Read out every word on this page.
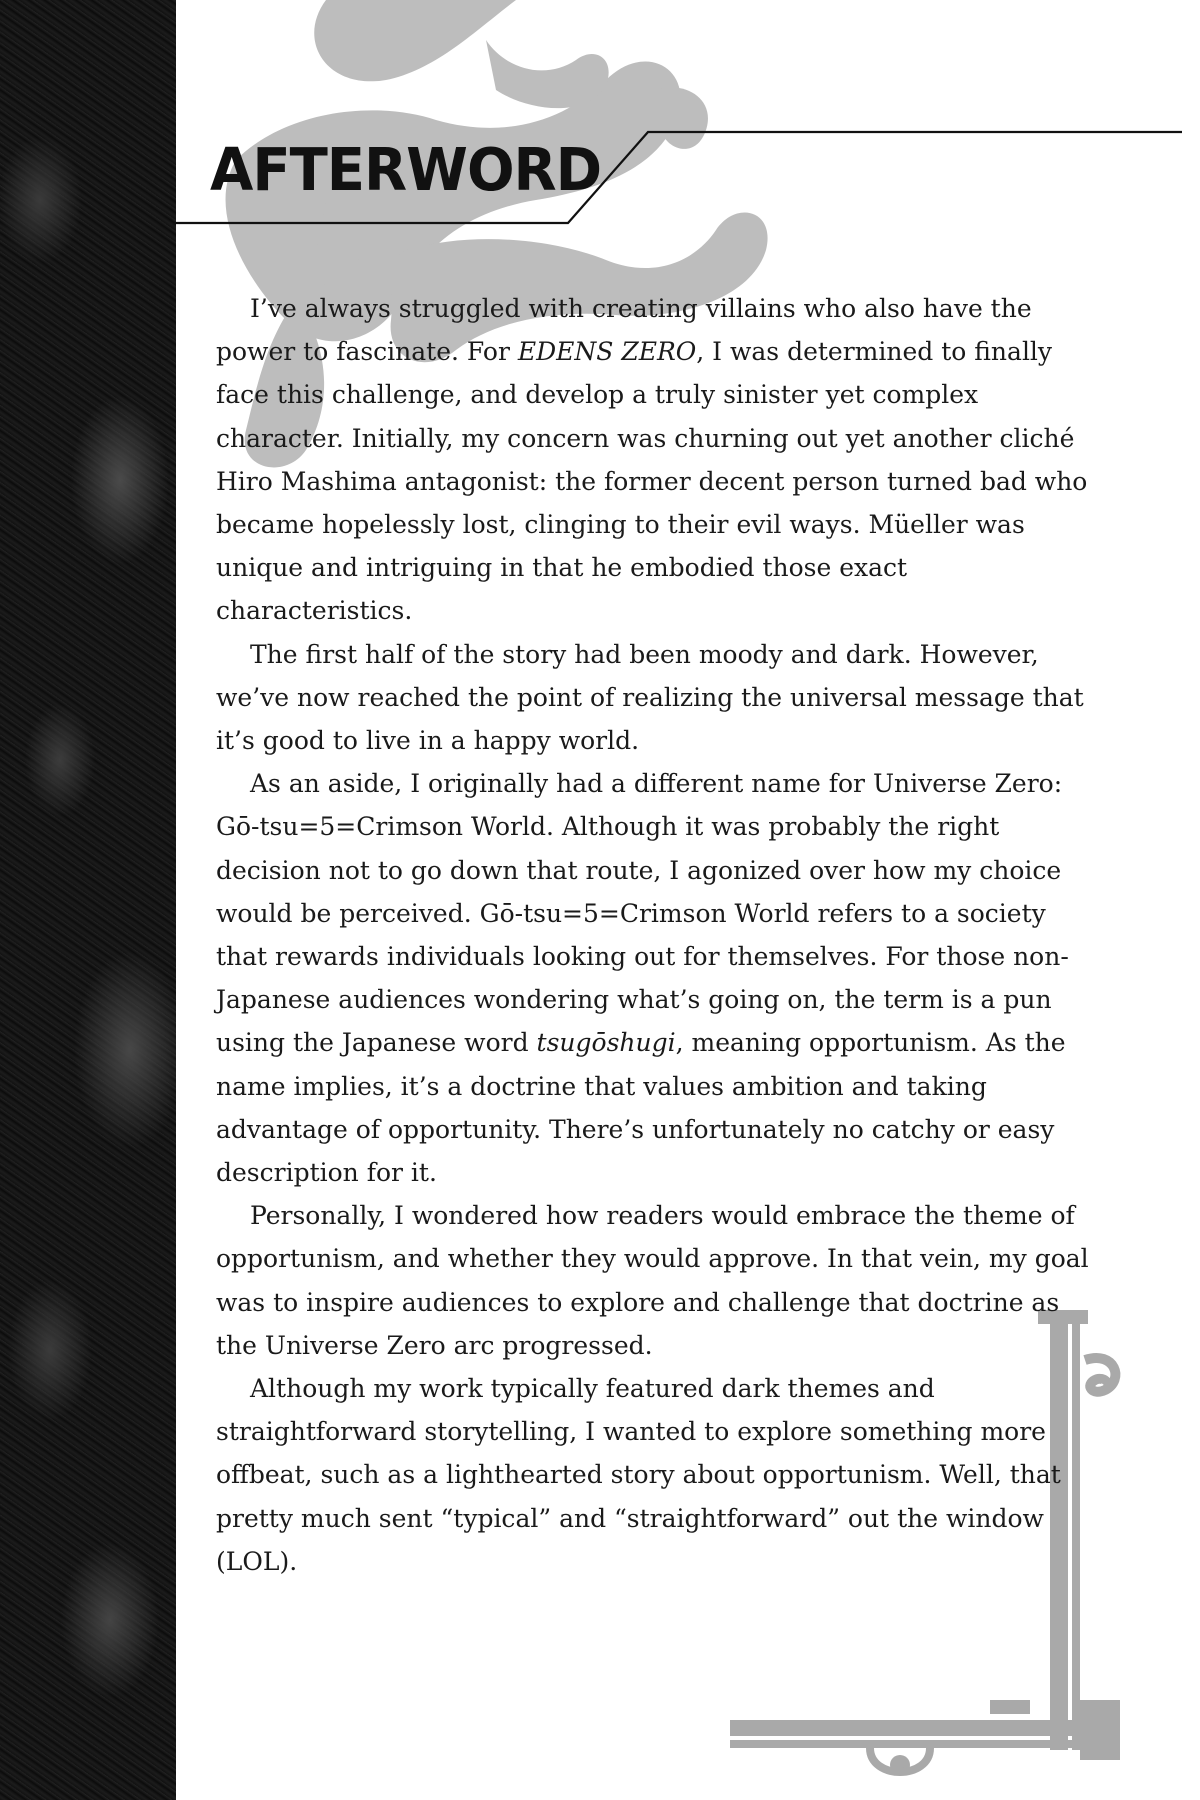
AFTERWORD

I’ve always struggled with creating villains who also have the power to fascinate. For EDENS ZERO, I was determined to finally face this challenge, and develop a truly sinister yet complex character. Initially, my concern was churning out yet another cliché Hiro Mashima antagonist: the former decent person turned bad who became hopelessly lost, clinging to their evil ways. Müeller was unique and intriguing in that he embodied those exact characteristics.

The first half of the story had been moody and dark. However, we’ve now reached the point of realizing the universal message that it’s good to live in a happy world.

As an aside, I originally had a different name for Universe Zero: Gō-tsu=5=Crimson World. Although it was probably the right decision not to go down that route, I agonized over how my choice would be perceived. Gō-tsu=5=Crimson World refers to a society that rewards individuals looking out for themselves. For those non-Japanese audiences wondering what’s going on, the term is a pun using the Japanese word tsugōshugi, meaning opportunism. As the name implies, it’s a doctrine that values ambition and taking advantage of opportunity. There’s unfortunately no catchy or easy description for it.

Personally, I wondered how readers would embrace the theme of opportunism, and whether they would approve. In that vein, my goal was to inspire audiences to explore and challenge that doctrine as the Universe Zero arc progressed.

Although my work typically featured dark themes and straightforward storytelling, I wanted to explore something more offbeat, such as a lighthearted story about opportunism. Well, that pretty much sent “typical” and “straightforward” out the window (LOL).
